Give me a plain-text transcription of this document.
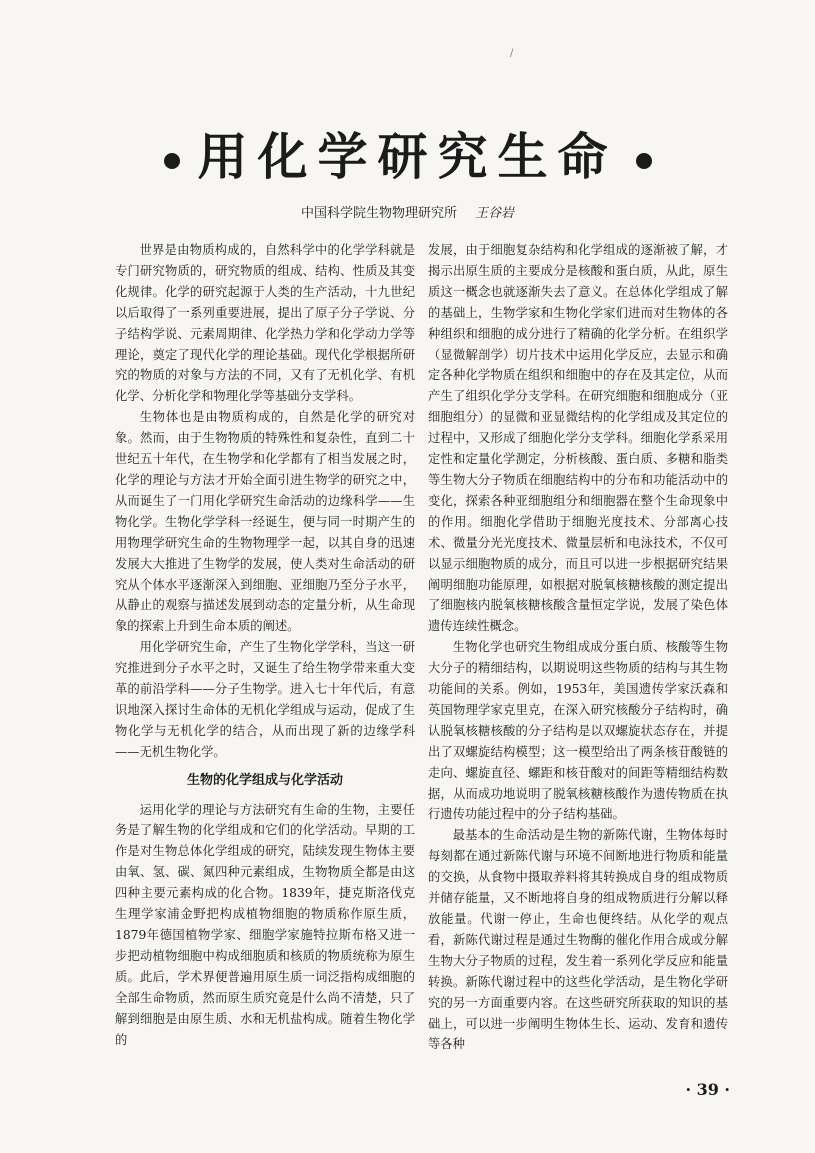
/
用化学研究生命
中国科学院生物物理研究所 王谷岩

世界是由物质构成的，自然科学中的化学学科就是专门研究物质的，研究物质的组成、结构、性质及其变化规律。化学的研究起源于人类的生产活动，十九世纪以后取得了一系列重要进展，提出了原子分子学说、分子结构学说、元素周期律、化学热力学和化学动力学等理论，奠定了现代化学的理论基础。现代化学根据所研究的物质的对象与方法的不同，又有了无机化学、有机化学、分析化学和物理化学等基础分支学科。

生物体也是由物质构成的，自然是化学的研究对象。然而，由于生物物质的特殊性和复杂性，直到二十世纪五十年代，在生物学和化学都有了相当发展之时，化学的理论与方法才开始全面引进生物学的研究之中，从而诞生了一门用化学研究生命活动的边缘科学——生物化学。生物化学学科一经诞生，便与同一时期产生的用物理学研究生命的生物物理学一起，以其自身的迅速发展大大推进了生物学的发展，使人类对生命活动的研究从个体水平逐渐深入到细胞、亚细胞乃至分子水平，从静止的观察与描述发展到动态的定量分析，从生命现象的探索上升到生命本质的阐述。

用化学研究生命，产生了生物化学学科，当这一研究推进到分子水平之时，又诞生了给生物学带来重大变革的前沿学科——分子生物学。进入七十年代后，有意识地深入探讨生命体的无机化学组成与运动，促成了生物化学与无机化学的结合，从而出现了新的边缘学科——无机生物化学。

生物的化学组成与化学活动

运用化学的理论与方法研究有生命的生物，主要任务是了解生物的化学组成和它们的化学活动。早期的工作是对生物总体化学组成的研究，陆续发现生物体主要由氧、氢、碳、氮四种元素组成，生物物质全都是由这四种主要元素构成的化合物。1839年，捷克斯洛伐克生理学家浦金野把构成植物细胞的物质称作原生质，1879年德国植物学家、细胞学家施特拉斯布格又进一步把动植物细胞中构成细胞质和核质的物质统称为原生质。此后，学术界便普遍用原生质一词泛指构成细胞的全部生命物质，然而原生质究竟是什么尚不清楚，只了解到细胞是由原生质、水和无机盐构成。随着生物化学的

发展，由于细胞复杂结构和化学组成的逐渐被了解，才揭示出原生质的主要成分是核酸和蛋白质，从此，原生质这一概念也就逐渐失去了意义。在总体化学组成了解的基础上，生物学家和生物化学家们进而对生物体的各种组织和细胞的成分进行了精确的化学分析。在组织学（显微解剖学）切片技术中运用化学反应，去显示和确定各种化学物质在组织和细胞中的存在及其定位，从而产生了组织化学分支学科。在研究细胞和细胞成分（亚细胞组分）的显微和亚显微结构的化学组成及其定位的过程中，又形成了细胞化学分支学科。细胞化学系采用定性和定量化学测定，分析核酸、蛋白质、多糖和脂类等生物大分子物质在细胞结构中的分布和功能活动中的变化，探索各种亚细胞组分和细胞器在整个生命现象中的作用。细胞化学借助于细胞光度技术、分部离心技术、微量分光光度技术、微量层析和电泳技术，不仅可以显示细胞物质的成分，而且可以进一步根据研究结果阐明细胞功能原理，如根据对脱氧核糖核酸的测定提出了细胞核内脱氧核糖核酸含量恒定学说，发展了染色体遗传连续性概念。

生物化学也研究生物组成成分蛋白质、核酸等生物大分子的精细结构，以期说明这些物质的结构与其生物功能间的关系。例如，1953年，美国遗传学家沃森和英国物理学家克里克，在深入研究核酸分子结构时，确认脱氧核糖核酸的分子结构是以双螺旋状态存在，并提出了双螺旋结构模型；这一模型给出了两条核苷酸链的走向、螺旋直径、螺距和核苷酸对的间距等精细结构数据，从而成功地说明了脱氧核糖核酸作为遗传物质在执行遗传功能过程中的分子结构基础。

最基本的生命活动是生物的新陈代谢，生物体每时每刻都在通过新陈代谢与环境不间断地进行物质和能量的交换，从食物中摄取养料将其转换成自身的组成物质并储存能量，又不断地将自身的组成物质进行分解以释放能量。代谢一停止，生命也便终结。从化学的观点看，新陈代谢过程是通过生物酶的催化作用合成或分解生物大分子物质的过程，发生着一系列化学反应和能量转换。新陈代谢过程中的这些化学活动，是生物化学研究的另一方面重要内容。在这些研究所获取的知识的基础上，可以进一步阐明生物体生长、运动、发育和遗传等各种

· 39 ·
